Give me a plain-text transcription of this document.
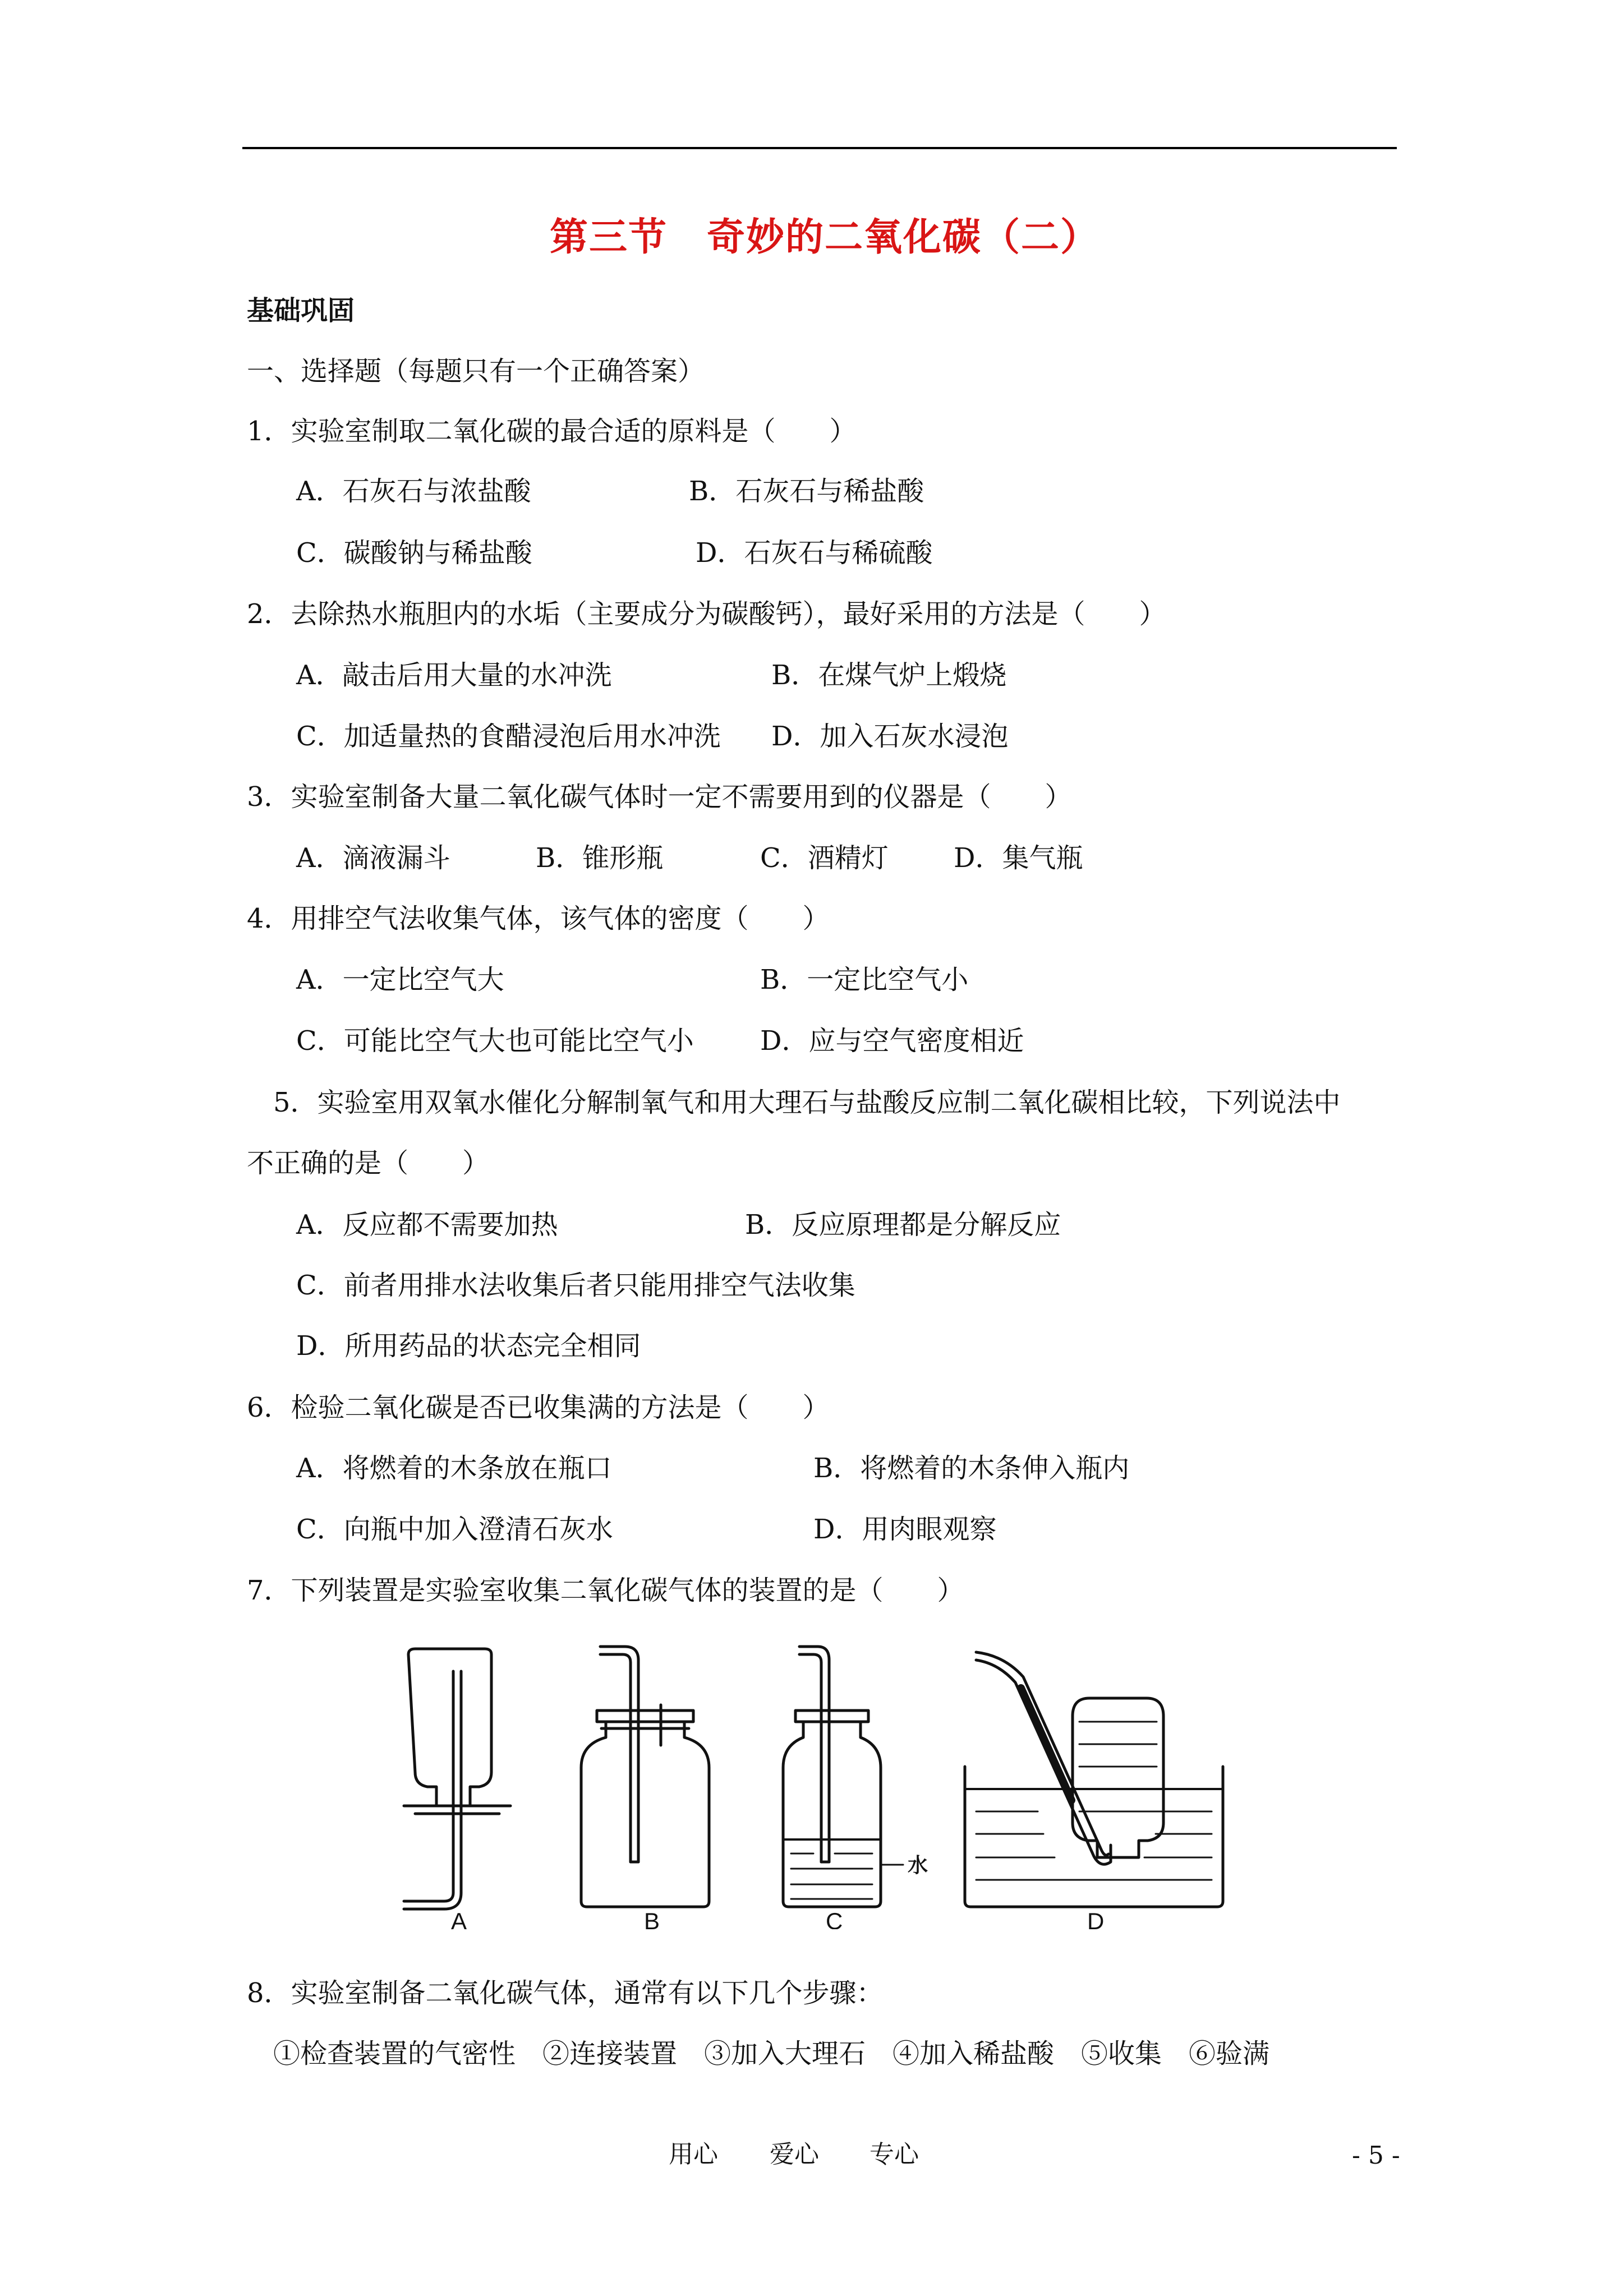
第三节　奇妙的二氧化碳（二）
基础巩固
一、选择题（每题只有一个正确答案）
1．实验室制取二氧化碳的最合适的原料是（　　）
A．石灰石与浓盐酸	B．石灰石与稀盐酸
C．碳酸钠与稀盐酸	D．石灰石与稀硫酸
2．去除热水瓶胆内的水垢（主要成分为碳酸钙），最好采用的方法是（　　）
A．敲击后用大量的水冲洗	B．在煤气炉上煅烧
C．加适量热的食醋浸泡后用水冲洗 D．加入石灰水浸泡
3．实验室制备大量二氧化碳气体时一定不需要用到的仪器是（　　）
A．滴液漏斗	B．锥形瓶	C．酒精灯 D．集气瓶
4．用排空气法收集气体，该气体的密度（　　）
A．一定比空气大	B．一定比空气小
C．可能比空气大也可能比空气小 D．应与空气密度相近
5．实验室用双氧水催化分解制氧气和用大理石与盐酸反应制二氧化碳相比较，下列说法中
不正确的是（　　）
A．反应都不需要加热	B．反应原理都是分解反应
C．前者用排水法收集后者只能用排空气法收集
D．所用药品的状态完全相同
6．检验二氧化碳是否已收集满的方法是（　　）
A．将燃着的木条放在瓶口	B．将燃着的木条伸入瓶内
C．向瓶中加入澄清石灰水	D．用肉眼观察
7．下列装置是实验室收集二氧化碳气体的装置的是（　　）
A	B	C	D
水
8．实验室制备二氧化碳气体，通常有以下几个步骤：
①检查装置的气密性　②连接装置　③加入大理石　④加入稀盐酸　⑤收集　⑥验满
用心 爱心 专心	- 5 -
